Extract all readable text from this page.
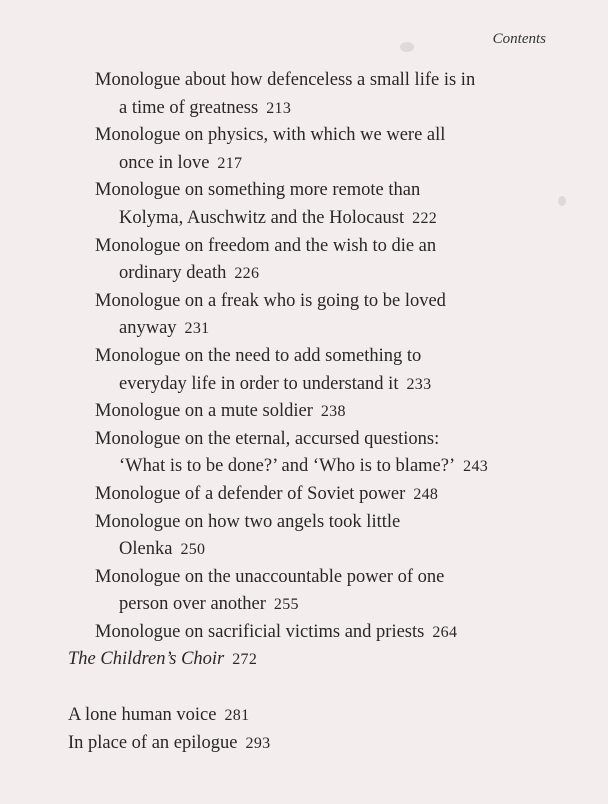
Contents
Monologue about how defenceless a small life is in
a time of greatness 213
Monologue on physics, with which we were all
once in love 217
Monologue on something more remote than
Kolyma, Auschwitz and the Holocaust 222
Monologue on freedom and the wish to die an
ordinary death 226
Monologue on a freak who is going to be loved
anyway 231
Monologue on the need to add something to
everyday life in order to understand it 233
Monologue on a mute soldier 238
Monologue on the eternal, accursed questions:
‘What is to be done?’ and ‘Who is to blame?’ 243
Monologue of a defender of Soviet power 248
Monologue on how two angels took little
Olenka 250
Monologue on the unaccountable power of one
person over another 255
Monologue on sacrificial victims and priests 264
The Children’s Choir 272
A lone human voice 281
In place of an epilogue 293
